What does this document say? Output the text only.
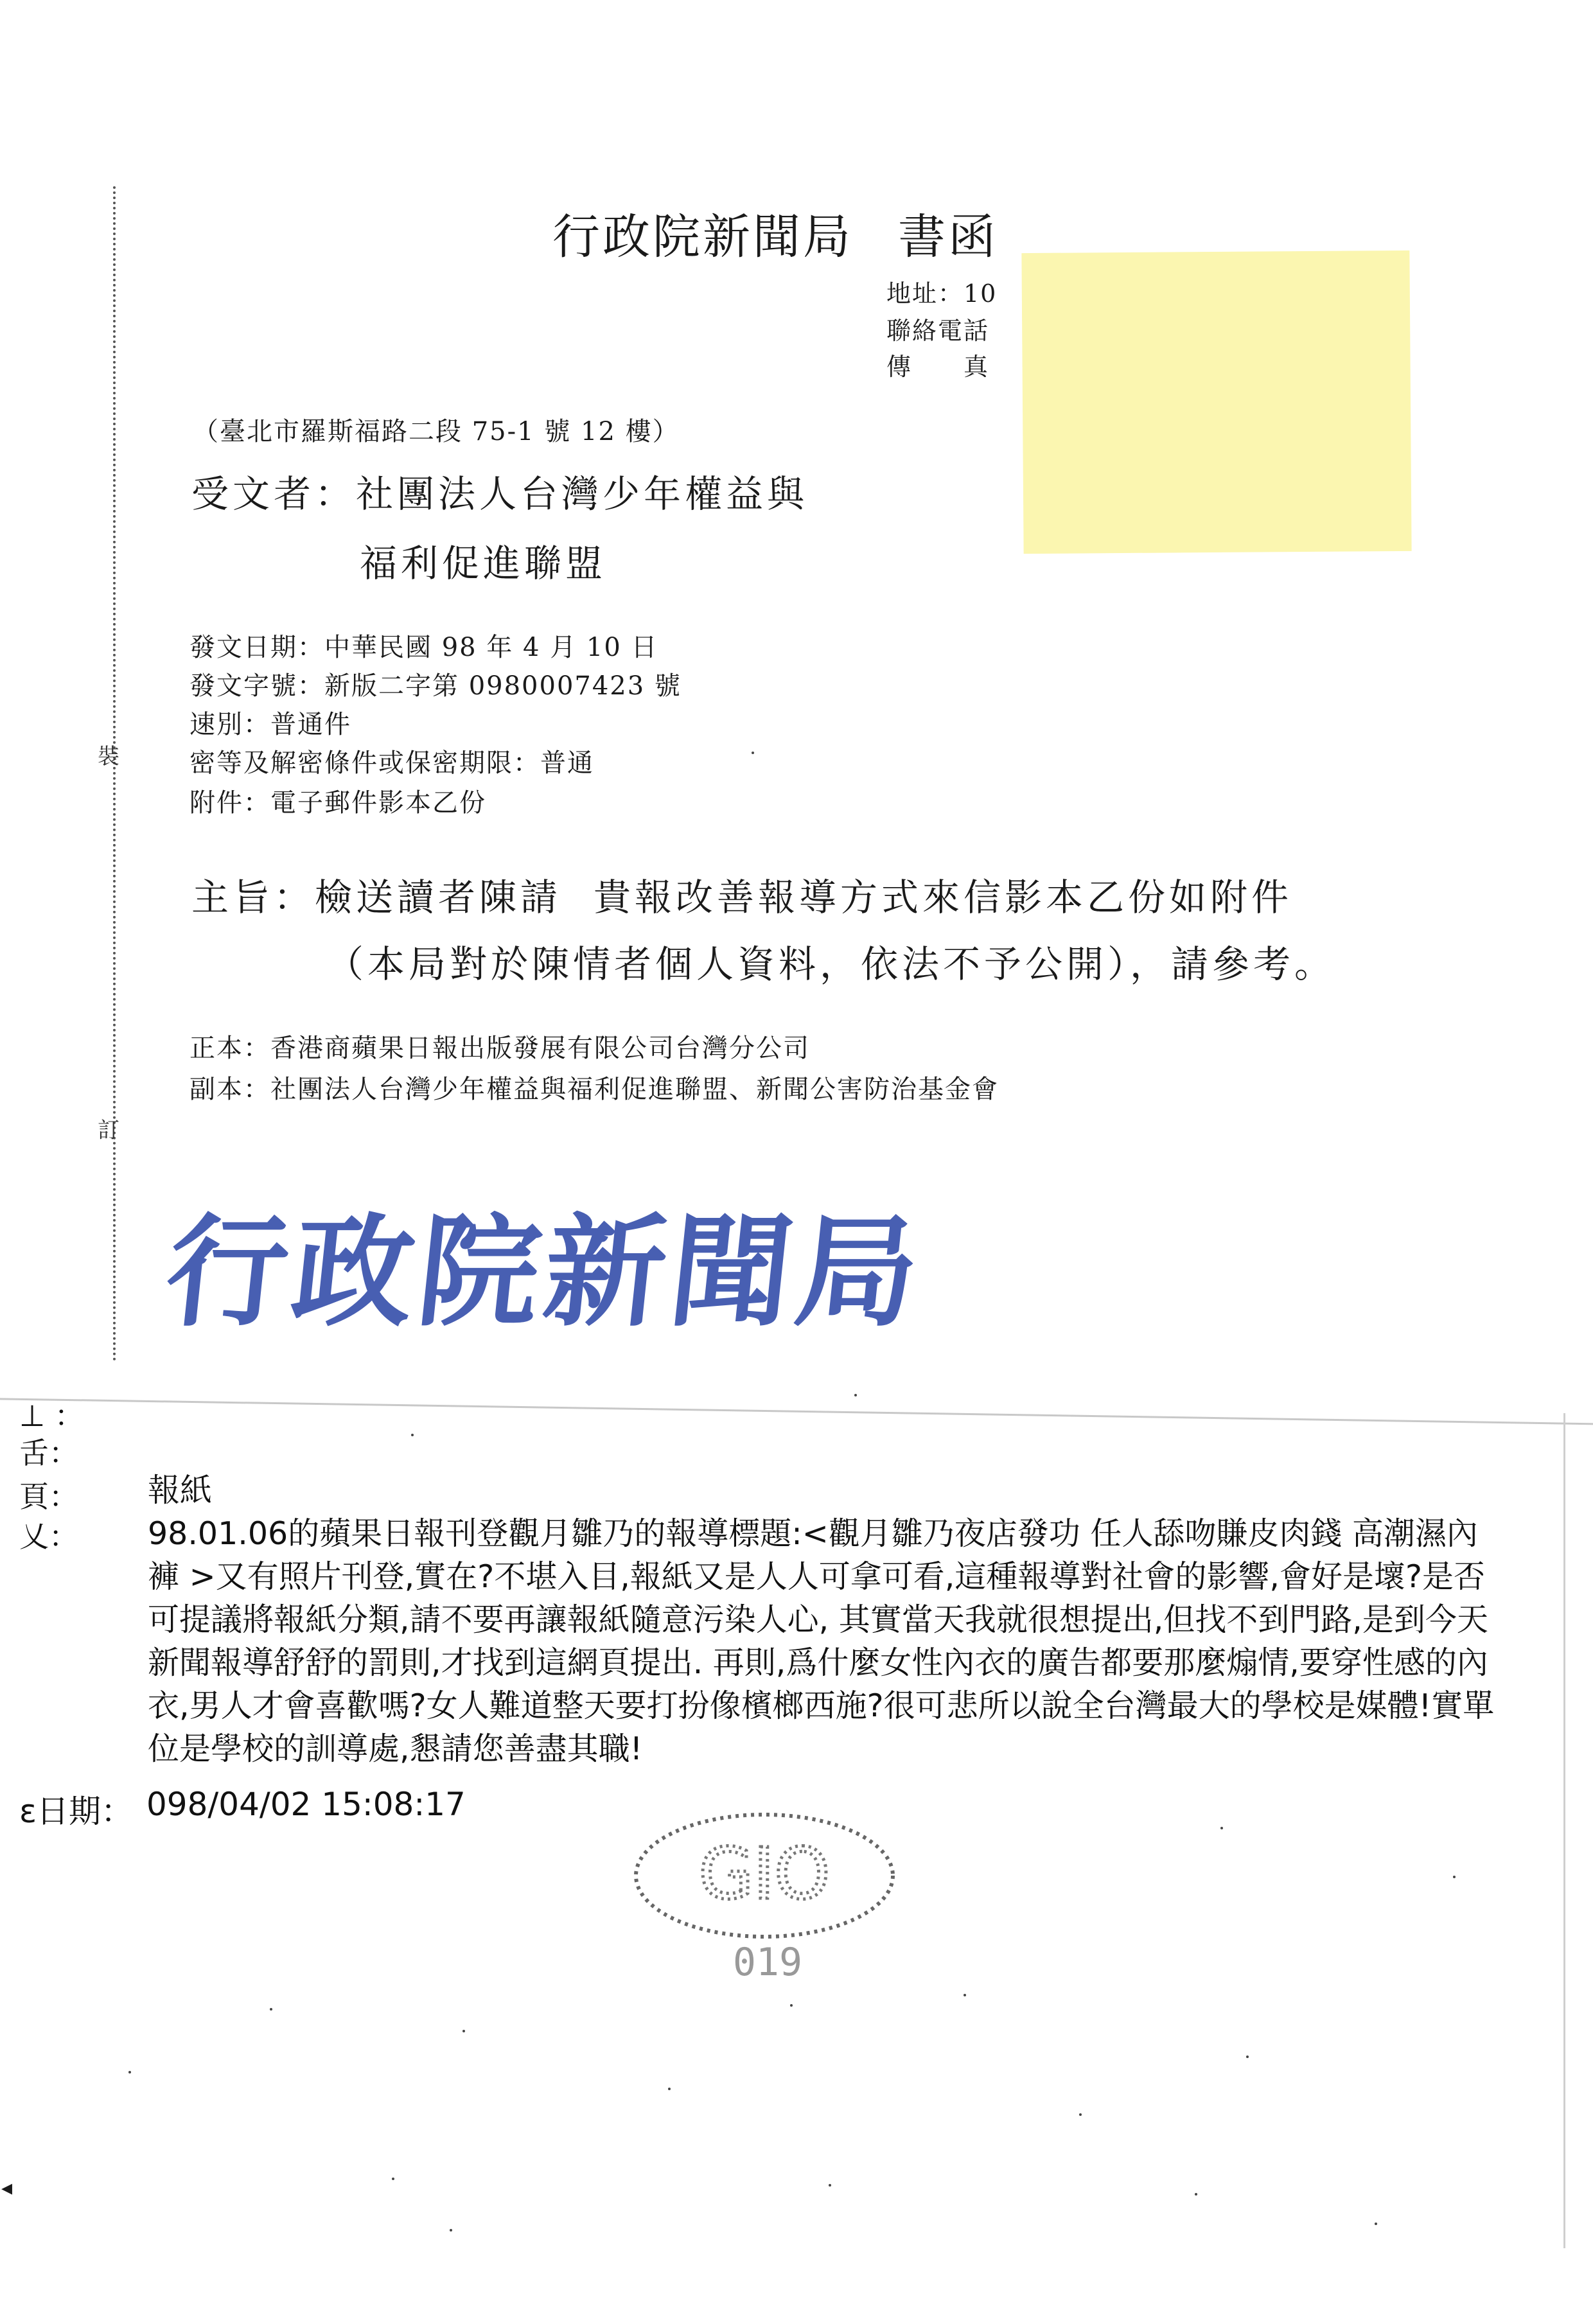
裝
訂
行政院新聞局 書函
地址：10
聯絡電話
傳　　真
（臺北市羅斯福路二段 75-1 號 12 樓）
受文者：社團法人台灣少年權益與
福利促進聯盟
發文日期：中華民國 98 年 4 月 10 日
發文字號：新版二字第 0980007423 號
速別：普通件
密等及解密條件或保密期限：普通
附件：電子郵件影本乙份
主旨：檢送讀者陳請 貴報改善報導方式來信影本乙份如附件
（本局對於陳情者個人資料，依法不予公開），請參考。
正本：香港商蘋果日報出版發展有限公司台灣分公司
副本：社團法人台灣少年權益與福利促進聯盟、新聞公害防治基金會
行政院新聞局
⊥ ：
舌：
頁：
乂：
報紙
98.01.06的蘋果日報刊登觀月雛乃的報導標題:<觀月雛乃夜店發功 任人舔吻賺皮肉錢 高潮濕內褲 >又有照片刊登,實在?不堪入目,報紙又是人人可拿可看,這種報導對社會的影響,會好是壞?是否可提議將報紙分類,請不要再讓報紙隨意污染人心, 其實當天我就很想提出,但找不到門路,是到今天新聞報導舒舒的罰則,才找到這網頁提出. 再則,爲什麼女性內衣的廣告都要那麼煽情,要穿性感的內衣,男人才會喜歡嗎?女人難道整天要打扮像檳榔西施?很可悲所以說全台灣最大的學校是媒體!實單位是學校的訓導處,懇請您善盡其職!
ɛ日期： 098/04/02 15:08:17
GIO
019
◂
